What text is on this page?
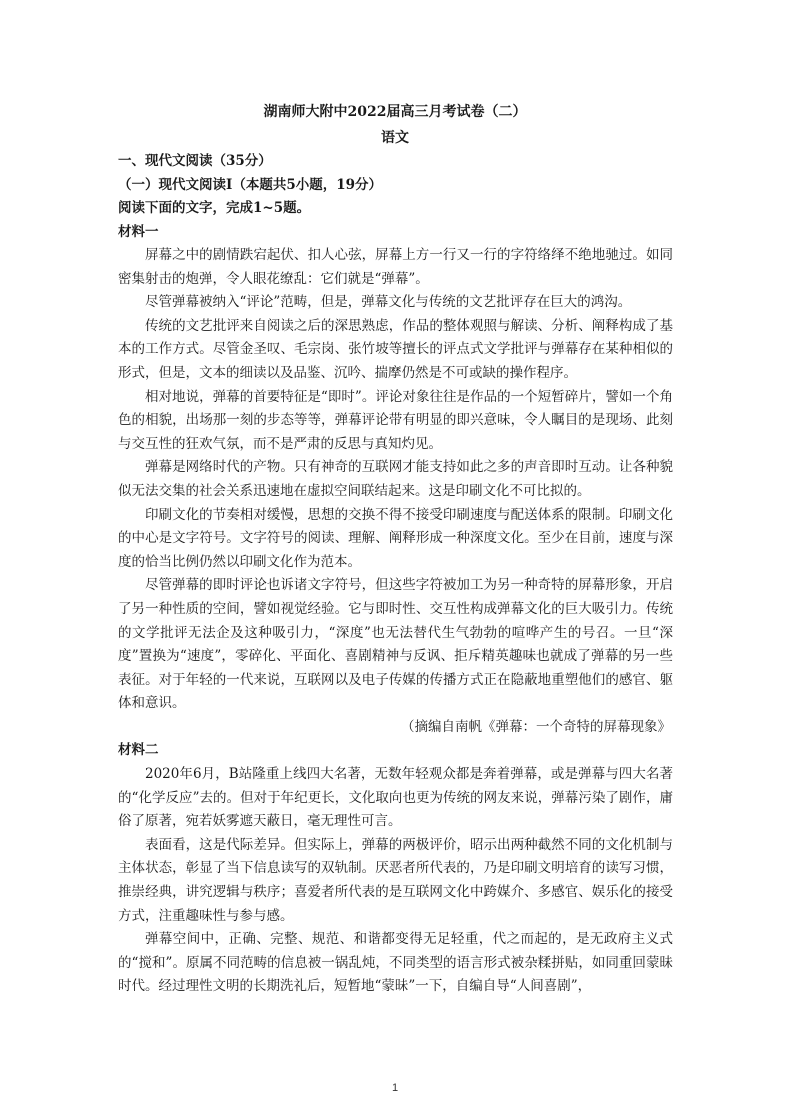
湖南师大附中2022届高三月考试卷（二）
语文
一、现代文阅读（35分）
（一）现代文阅读Ⅰ（本题共5小题，19分）
阅读下面的文字，完成1~5题。
材料一

屏幕之中的剧情跌宕起伏、扣人心弦，屏幕上方一行又一行的字符络绎不绝地驰过。如同密集射击的炮弹，令人眼花缭乱：它们就是“弹幕”。

尽管弹幕被纳入“评论”范畴，但是，弹幕文化与传统的文艺批评存在巨大的鸿沟。

传统的文艺批评来自阅读之后的深思熟虑，作品的整体观照与解读、分析、阐释构成了基本的工作方式。尽管金圣叹、毛宗岗、张竹坡等擅长的评点式文学批评与弹幕存在某种相似的形式，但是，文本的细读以及品鉴、沉吟、揣摩仍然是不可或缺的操作程序。

相对地说，弹幕的首要特征是“即时”。评论对象往往是作品的一个短暂碎片，譬如一个角色的相貌，出场那一刻的步态等等，弹幕评论带有明显的即兴意味，令人瞩目的是现场、此刻与交互性的狂欢气氛，而不是严肃的反思与真知灼见。

弹幕是网络时代的产物。只有神奇的互联网才能支持如此之多的声音即时互动。让各种貌似无法交集的社会关系迅速地在虚拟空间联结起来。这是印刷文化不可比拟的。

印刷文化的节奏相对缓慢，思想的交换不得不接受印刷速度与配送体系的限制。印刷文化的中心是文字符号。文字符号的阅读、理解、阐释形成一种深度文化。至少在目前，速度与深度的恰当比例仍然以印刷文化作为范本。

尽管弹幕的即时评论也诉诸文字符号，但这些字符被加工为另一种奇特的屏幕形象，开启了另一种性质的空间，譬如视觉经验。它与即时性、交互性构成弹幕文化的巨大吸引力。传统的文学批评无法企及这种吸引力，“深度”也无法替代生气勃勃的喧哗产生的号召。一旦“深度”置换为“速度”，零碎化、平面化、喜剧精神与反讽、拒斥精英趣味也就成了弹幕的另一些表征。对于年轻的一代来说，互联网以及电子传媒的传播方式正在隐蔽地重塑他们的感官、躯体和意识。

（摘编自南帆《弹幕：一个奇特的屏幕现象》

材料二

2020年6月，B站隆重上线四大名著，无数年轻观众都是奔着弹幕，或是弹幕与四大名著的“化学反应”去的。但对于年纪更长，文化取向也更为传统的网友来说，弹幕污染了剧作，庸俗了原著，宛若妖雾遮天蔽日，毫无理性可言。

表面看，这是代际差异。但实际上，弹幕的两极评价，昭示出两种截然不同的文化机制与主体状态，彰显了当下信息读写的双轨制。厌恶者所代表的，乃是印刷文明培育的读写习惯，推崇经典，讲究逻辑与秩序；喜爱者所代表的是互联网文化中跨媒介、多感官、娱乐化的接受方式，注重趣味性与参与感。

弹幕空间中，正确、完整、规范、和谐都变得无足轻重，代之而起的，是无政府主义式的“搅和”。原属不同范畴的信息被一锅乱炖，不同类型的语言形式被杂糅拼贴，如同重回蒙昧时代。经过理性文明的长期洗礼后，短暂地“蒙昧”一下，自编自导“人间喜剧”，

1
